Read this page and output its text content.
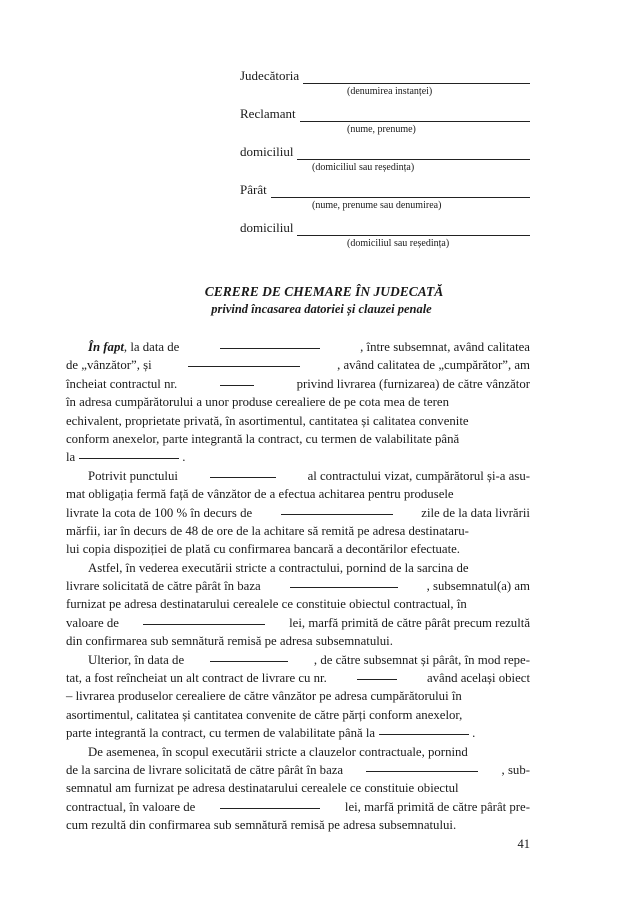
Judecătoria
(denumirea instanței)
Reclamant
(nume, prenume)
domiciliul
(domiciliul sau reședința)
Pârât
(nume, prenume sau denumirea)
domiciliul
(domiciliul sau reședința)
CERERE DE CHEMARE ÎN JUDECATĂ
privind încasarea datoriei și clauzei penale
În fapt, la data de	, între subsemnat, având calitatea
de „vânzător”, și	, având calitatea de „cumpărător”, am
încheiat contractul nr.	privind livrarea (furnizarea) de către vânzător
în adresa cumpărătorului a unor produse cerealiere de pe cota mea de teren
echivalent, proprietate privată, în asortimentul, cantitatea și calitatea convenite
conform anexelor, parte integrantă la contract, cu termen de valabilitate până
la	.
Potrivit punctului	al contractului vizat, cumpărătorul și-a asu-
mat obligația fermă față de vânzător de a efectua achitarea pentru produsele
livrate la cota de 100 % în decurs de	zile de la data livrării
mărfii, iar în decurs de 48 de ore de la achitare să remită pe adresa destinataru-
lui copia dispoziției de plată cu confirmarea bancară a decontărilor efectuate.
Astfel, în vederea executării stricte a contractului, pornind de la sarcina de
livrare solicitată de către pârât în baza	, subsemnatul(a) am
furnizat pe adresa destinatarului cerealele ce constituie obiectul contractual, în
valoare de	lei, marfă primită de către pârât precum rezultă
din confirmarea sub semnătură remisă pe adresa subsemnatului.
Ulterior, în data de	, de către subsemnat și pârât, în mod repe-
tat, a fost reîncheiat un alt contract de livrare cu nr.	având același obiect
– livrarea produselor cerealiere de către vânzător pe adresa cumpărătorului în
asortimentul, calitatea și cantitatea convenite de către părți conform anexelor,
parte integrantă la contract, cu termen de valabilitate până la	.
De asemenea, în scopul executării stricte a clauzelor contractuale, pornind
de la sarcina de livrare solicitată de către pârât în baza	, sub-
semnatul am furnizat pe adresa destinatarului cerealele ce constituie obiectul
contractual, în valoare de	lei, marfă primită de către pârât pre-
cum rezultă din confirmarea sub semnătură remisă pe adresa subsemnatului.
41
